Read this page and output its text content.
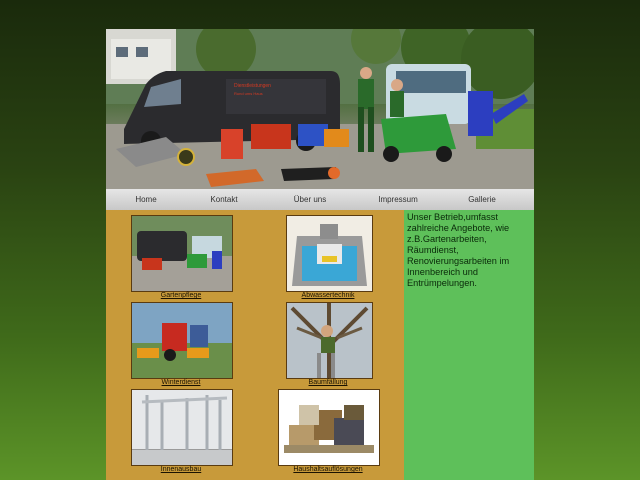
Dienstleistungen
Rund ums Haus
Home	Kontakt	Über uns	Impressum	Gallerie
Gartenpflege	Abwassertechnik
Winterdienst	Baumfällung
Innenausbau	Haushaltsauflösungen
Unser Betrieb,umfasst zahlreiche Angebote, wie z.B.Gartenarbeiten, Räumdienst, Renovierungsarbeiten im Innenbereich und Entrümpelungen.
